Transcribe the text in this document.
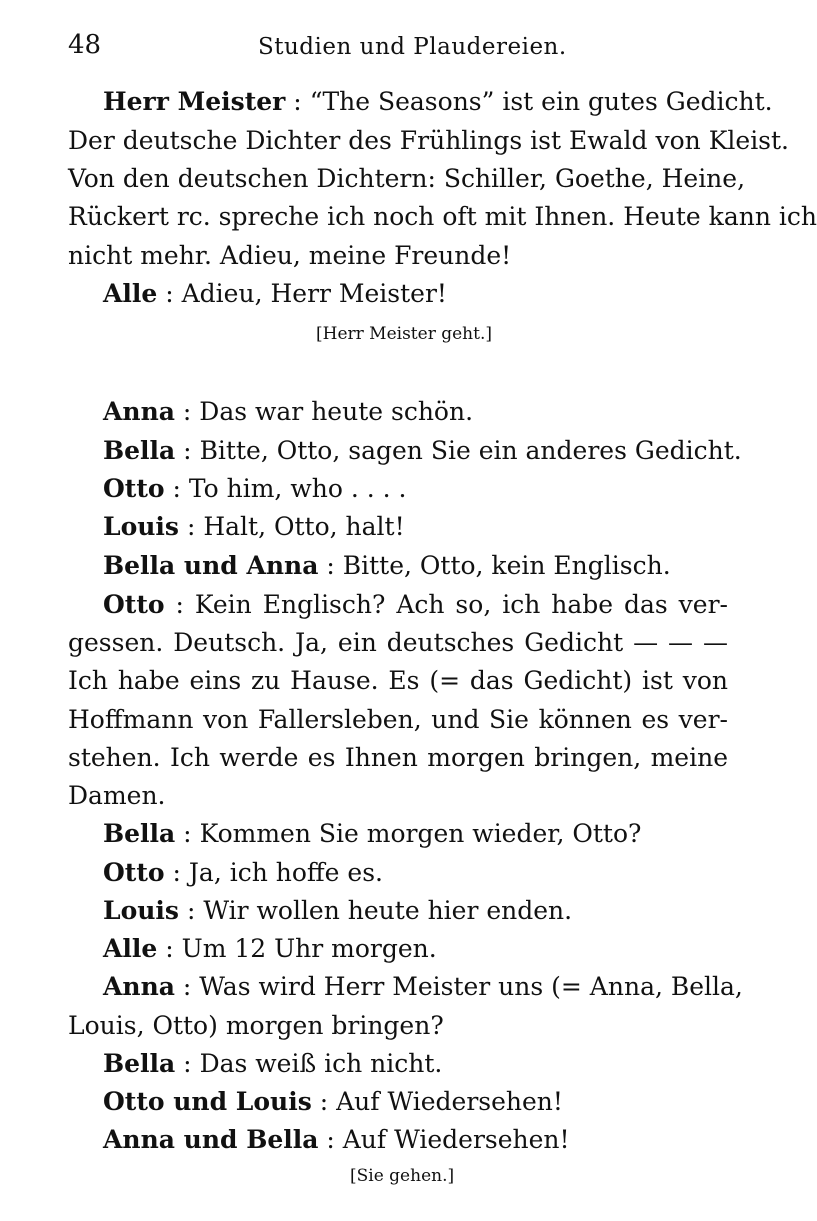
48	Studien und Plaudereien.
Herr Meister : “The Seasons” ist ein gutes Gedicht.
Der deutsche Dichter des Frühlings ist Ewald von Kleist.
Von den deutschen Dichtern: Schiller, Goethe, Heine,
Rückert rc. spreche ich noch oft mit Ihnen. Heute kann ich
nicht mehr. Adieu, meine Freunde!
Alle : Adieu, Herr Meister!
[Herr Meister geht.]
Anna : Das war heute schön.
Bella : Bitte, Otto, sagen Sie ein anderes Gedicht.
Otto : To him, who . . . .
Louis : Halt, Otto, halt!
Bella und Anna : Bitte, Otto, kein Englisch.
Otto : Kein Englisch? Ach so, ich habe das ver-
gessen. Deutsch. Ja, ein deutsches Gedicht — — —
Ich habe eins zu Hause. Es (= das Gedicht) ist von
Hoffmann von Fallersleben, und Sie können es ver-
stehen. Ich werde es Ihnen morgen bringen, meine
Damen.
Bella : Kommen Sie morgen wieder, Otto?
Otto : Ja, ich hoffe es.
Louis : Wir wollen heute hier enden.
Alle : Um 12 Uhr morgen.
Anna : Was wird Herr Meister uns (= Anna, Bella,
Louis, Otto) morgen bringen?
Bella : Das weiß ich nicht.
Otto und Louis : Auf Wiedersehen!
Anna und Bella : Auf Wiedersehen!
[Sie gehen.]
